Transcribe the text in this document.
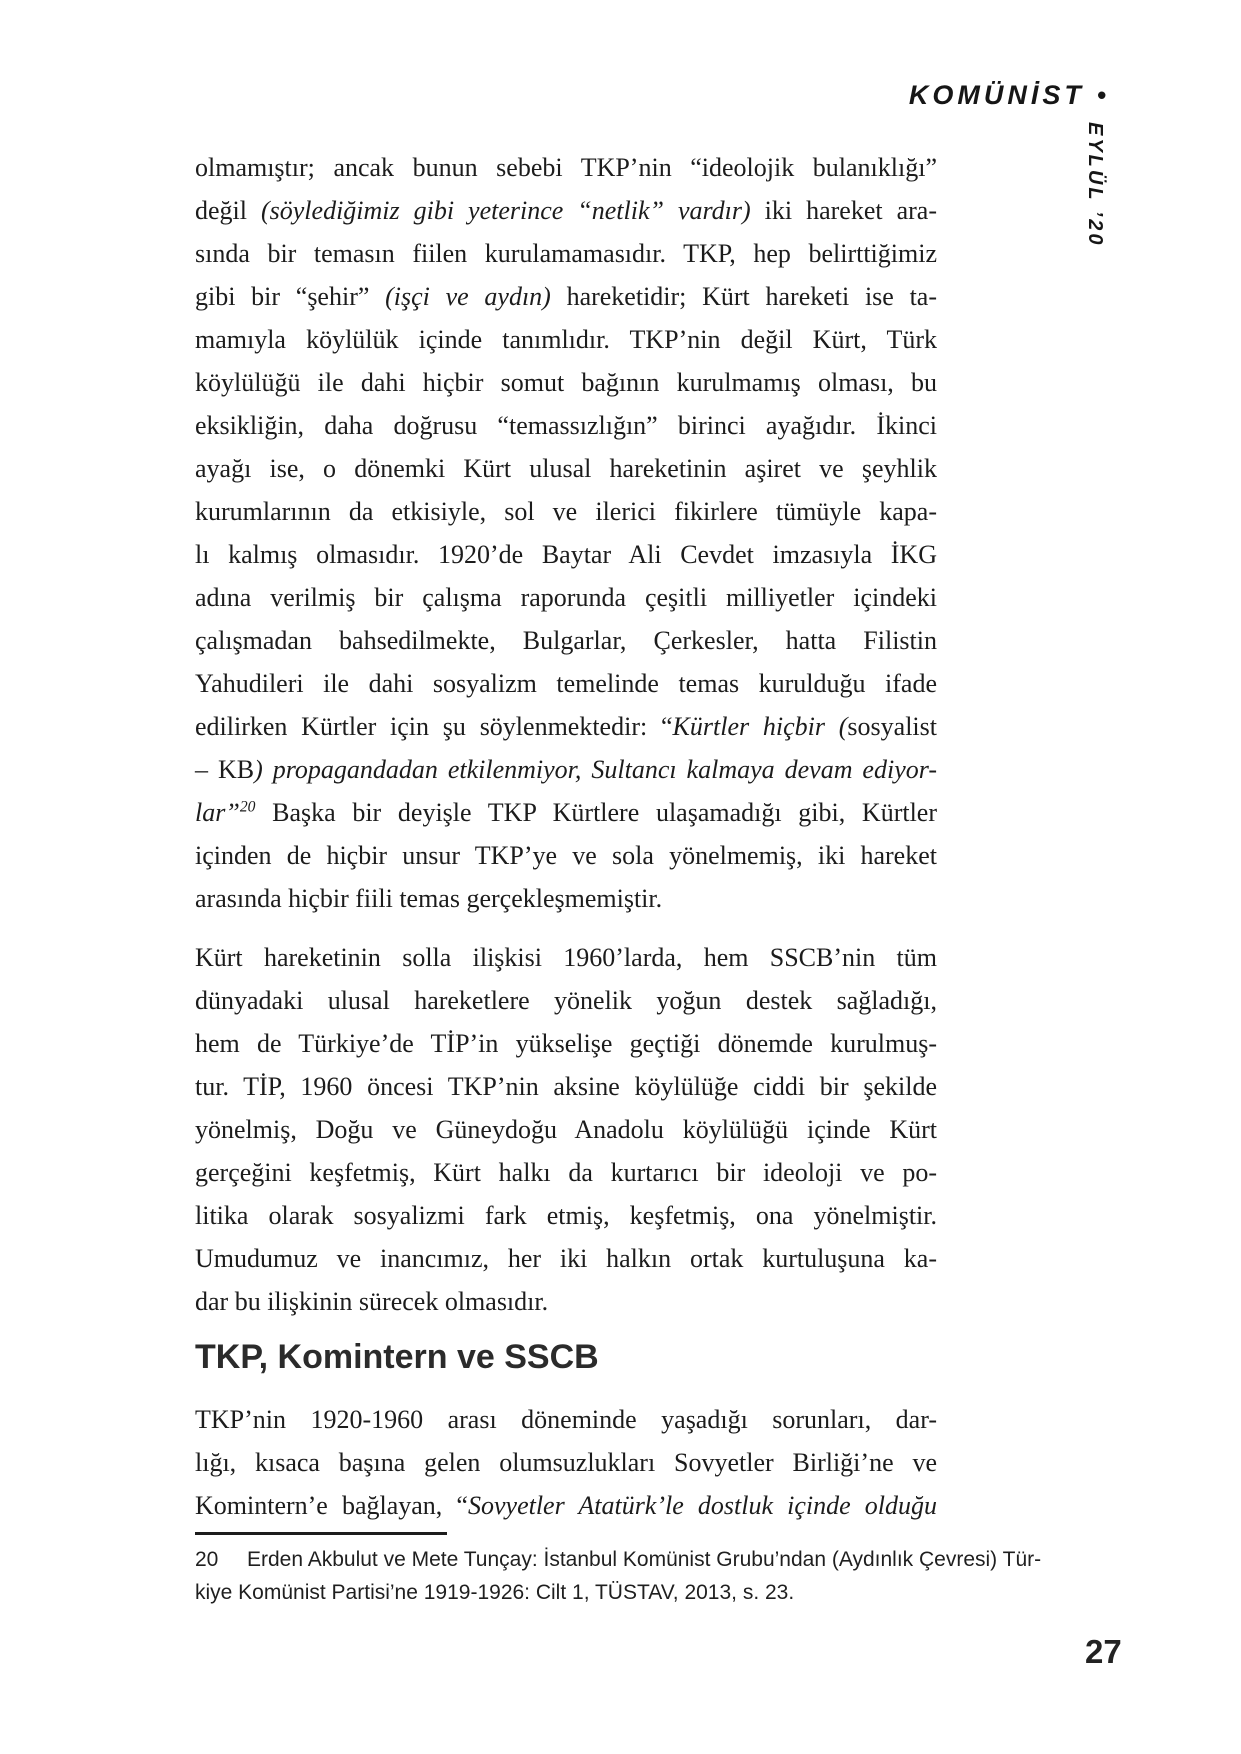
KOMÜNİST •
EYLÜL ’20
olmamıştır; ancak bunun sebebi TKP’nin “ideolojik bulanıklığı”
değil (söylediğimiz gibi yeterince “netlik” vardır) iki hareket ara-
sında bir temasın fiilen kurulamamasıdır. TKP, hep belirttiğimiz
gibi bir “şehir” (işçi ve aydın) hareketidir; Kürt hareketi ise ta-
mamıyla köylülük içinde tanımlıdır. TKP’nin değil Kürt, Türk
köylülüğü ile dahi hiçbir somut bağının kurulmamış olması, bu
eksikliğin, daha doğrusu “temassızlığın” birinci ayağıdır. İkinci
ayağı ise, o dönemki Kürt ulusal hareketinin aşiret ve şeyhlik
kurumlarının da etkisiyle, sol ve ilerici fikirlere tümüyle kapa-
lı kalmış olmasıdır. 1920’de Baytar Ali Cevdet imzasıyla İKG
adına verilmiş bir çalışma raporunda çeşitli milliyetler içindeki
çalışmadan bahsedilmekte, Bulgarlar, Çerkesler, hatta Filistin
Yahudileri ile dahi sosyalizm temelinde temas kurulduğu ifade
edilirken Kürtler için şu söylenmektedir: “Kürtler hiçbir (sosyalist
– KB) propagandadan etkilenmiyor, Sultancı kalmaya devam ediyor-
lar”$^{20}$ Başka bir deyişle TKP Kürtlere ulaşamadığı gibi, Kürtler
içinden de hiçbir unsur TKP’ye ve sola yönelmemiş, iki hareket
arasında hiçbir fiili temas gerçekleşmemiştir.
Kürt hareketinin solla ilişkisi 1960’larda, hem SSCB’nin tüm
dünyadaki ulusal hareketlere yönelik yoğun destek sağladığı,
hem de Türkiye’de TİP’in yükselişe geçtiği dönemde kurulmuş-
tur. TİP, 1960 öncesi TKP’nin aksine köylülüğe ciddi bir şekilde
yönelmiş, Doğu ve Güneydoğu Anadolu köylülüğü içinde Kürt
gerçeğini keşfetmiş, Kürt halkı da kurtarıcı bir ideoloji ve po-
litika olarak sosyalizmi fark etmiş, keşfetmiş, ona yönelmiştir.
Umudumuz ve inancımız, her iki halkın ortak kurtuluşuna ka-
dar bu ilişkinin sürecek olmasıdır.
TKP, Komintern ve SSCB
TKP’nin 1920-1960 arası döneminde yaşadığı sorunları, dar-
lığı, kısaca başına gelen olumsuzlukları Sovyetler Birliği’ne ve
Komintern’e bağlayan, “Sovyetler Atatürk’le dostluk içinde olduğu
20 Erden Akbulut ve Mete Tunçay: İstanbul Komünist Grubu’ndan (Aydınlık Çevresi) Tür-
kiye Komünist Partisi’ne 1919-1926: Cilt 1, TÜSTAV, 2013, s. 23.
27
